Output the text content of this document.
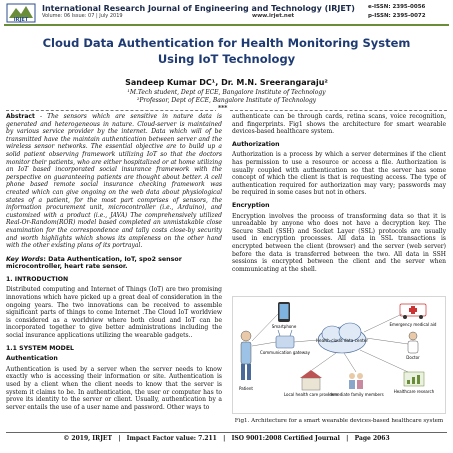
IRJET
International Research Journal of Engineering and Technology (IRJET)
Volume: 06 Issue: 07 | July 2019	www.irjet.net
e-ISSN: 2395-0056
p-ISSN: 2395-0072
Cloud Data Authentication for Health Monitoring System
Using IoT Technology
Sandeep Kumar DC¹, Dr. M.N. Sreerangaraju²
¹M.Tech student, Dept of ECE, Bangalore Institute of Technology
²Professor, Dept of ECE, Bangalore Institute of Technology
***

Abstract - The sensors which are sensitive in nature data is generated and heterogeneous in nature. Cloud-server is maintained by various service provider by the internet. Data which will of be transmitted have the maintain authentication between server and the wireless sensor networks. The essential objective are to build up a solid patient observing framework utilizing IoT so that the doctors monitor their patients, who are either hospitalized or at home utilizing an IoT based incorporated social insurance framework with the perspective on guaranteeing patients are thought about better. A cell phone based remote social insurance checking framework was created which can give ongoing on the web data about physiological states of a patient, for the most part comprises of sensors, the information procurement unit, microcontroller (i.e., Arduino), and customized with a product (i.e., JAVA) The comprehensively utilized Real-Or-Random(ROR) model based completed an unmistakable close examination for the correspondence and tally costs close-by security and worth highlights which shows its ampleness on the other hand with the other existing plans of its portrayal.

Key Words: Data Authentication, IoT, spo2 sensor microcontroller, heart rate sensor.
1. INTRODUCTION

Distributed computing and Internet of Things (IoT) are two promising innovations which have picked up a great deal of consideration in the ongoing years. The two innovations can be received to assemble significant parts of things to come Internet .The Cloud IoT worldview is considered as a worldview where both cloud and IoT can be incorporated together to give better administrations including the social insurance applications utilizing the wearable gadgets..

1.1 SYSTEM MODEL
Authentication

Authentication is used by a server when the server needs to know exactly who is accessing their information or site. Authentication is used by a client when the client needs to know that the server is system it claims to be. In authentication, the user or computer has to prove its identity to the server or client. Usually, authentication by a server entails the use of a user name and password. Other ways to

authenticate can be through cards, retina scans, voice recognition, and fingerprints. Fig1 shows the architecture for smart wearable devices-based healthcare system.

Authorization

Authorization is a process by which a server determines if the client has permission to use a resource or access a file. Authorization is usually coupled with authentication so that the server has some concept of which the client is that is requesting access. The type of authentication required for authorization may vary; passwords may be required in some cases but not in others.

Encryption

Encryption involves the process of transforming data so that it is unreadable by anyone who does not have a decryption key. The Secure Shell (SSH) and Socket Layer (SSL) protocols are usually used in encryption processes. All data in SSL transactions is encrypted between the client (browser) and the server (web server) before the data is transferred between the two. All data in SSH sessions is encrypted between the client and the server when communicating at the shell.

Patient
Smartphone
Communication gateway
Health-cloud data center
Emergency medical aid
Doctor
Local health care providers
Immediate family members
Healthcare research
Fig1. Architecture for a smart wearable devices-based healthcare system
© 2019, IRJET   |   Impact Factor value: 7.211   |   ISO 9001:2008 Certified Journal   |   Page 2063
